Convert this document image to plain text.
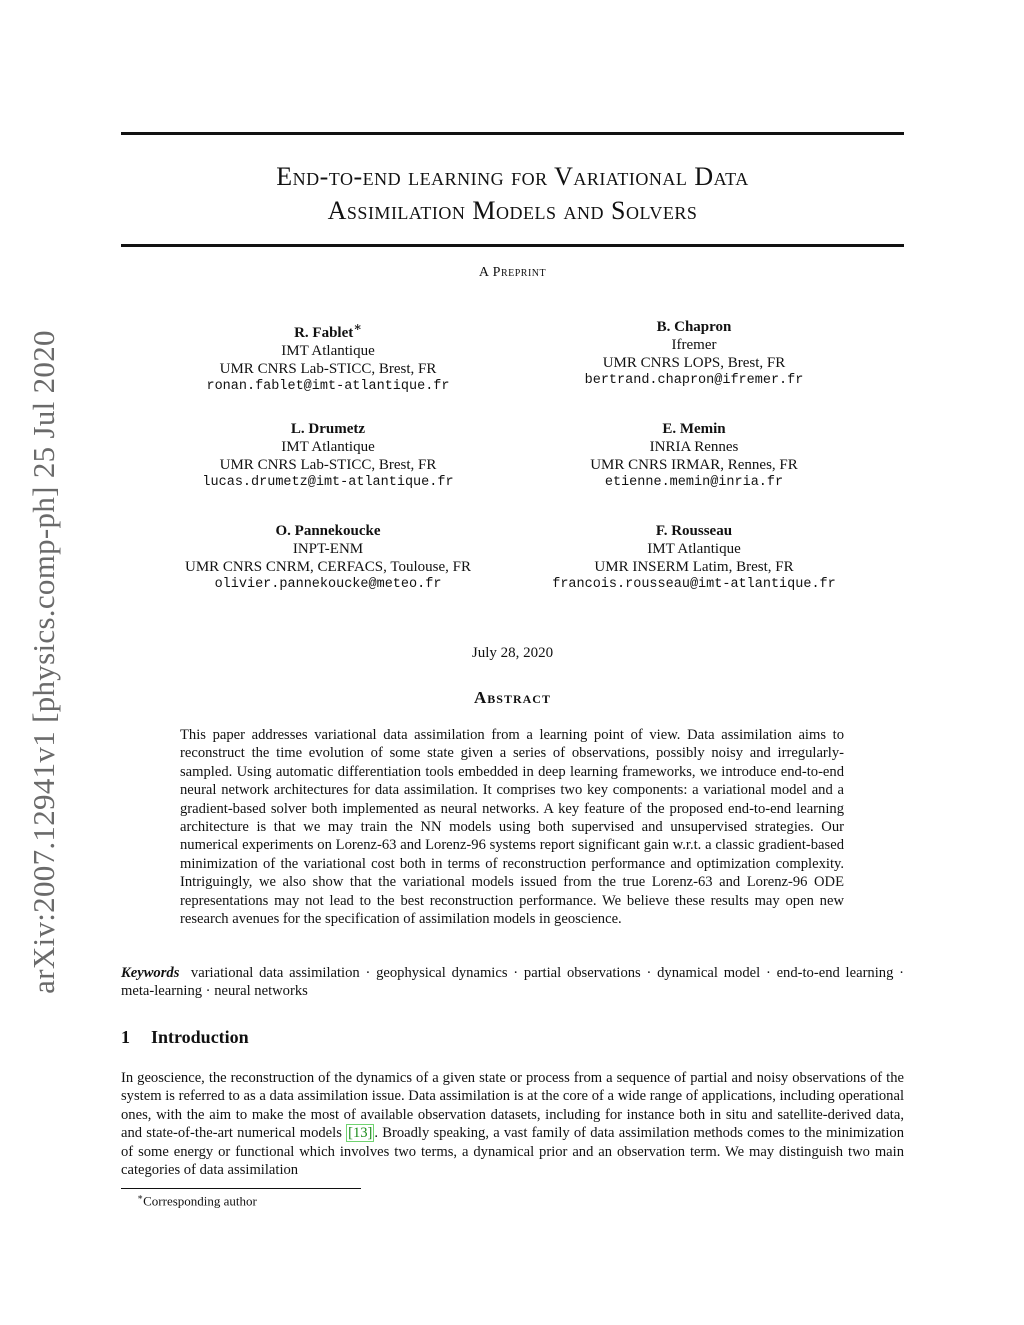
arXiv:2007.12941v1 [physics.comp-ph] 25 Jul 2020
End-to-end learning for Variational Data
Assimilation Models and Solvers
A Preprint
R. Fablet∗
IMT Atlantique
UMR CNRS Lab-STICC, Brest, FR
ronan.fablet@imt-atlantique.fr
B. Chapron
Ifremer
UMR CNRS LOPS, Brest, FR
bertrand.chapron@ifremer.fr
L. Drumetz
IMT Atlantique
UMR CNRS Lab-STICC, Brest, FR
lucas.drumetz@imt-atlantique.fr
E. Memin
INRIA Rennes
UMR CNRS IRMAR, Rennes, FR
etienne.memin@inria.fr
O. Pannekoucke
INPT-ENM
UMR CNRS CNRM, CERFACS, Toulouse, FR
olivier.pannekoucke@meteo.fr
F. Rousseau
IMT Atlantique
UMR INSERM Latim, Brest, FR
francois.rousseau@imt-atlantique.fr
July 28, 2020
Abstract
This paper addresses variational data assimilation from a learning point of view. Data assimilation aims to reconstruct the time evolution of some state given a series of observations, possibly noisy and irregularly-sampled. Using automatic differentiation tools embedded in deep learning frameworks, we introduce end-to-end neural network architectures for data assimilation. It comprises two key components: a variational model and a gradient-based solver both implemented as neural networks. A key feature of the proposed end-to-end learning architecture is that we may train the NN models using both supervised and unsupervised strategies. Our numerical experiments on Lorenz-63 and Lorenz-96 systems report significant gain w.r.t. a classic gradient-based minimization of the variational cost both in terms of reconstruction performance and optimization complexity. Intriguingly, we also show that the variational models issued from the true Lorenz-63 and Lorenz-96 ODE representations may not lead to the best reconstruction performance. We believe these results may open new research avenues for the specification of assimilation models in geoscience.
Keywords variational data assimilation · geophysical dynamics · partial observations · dynamical model · end-to-end learning · meta-learning · neural networks
1 Introduction
In geoscience, the reconstruction of the dynamics of a given state or process from a sequence of partial and noisy observations of the system is referred to as a data assimilation issue. Data assimilation is at the core of a wide range of applications, including operational ones, with the aim to make the most of available observation datasets, including for instance both in situ and satellite-derived data, and state-of-the-art numerical models [13] . Broadly speaking, a vast family of data assimilation methods comes to the minimization of some energy or functional which involves two terms, a dynamical prior and an observation term. We may distinguish two main categories of data assimilation
∗Corresponding author
